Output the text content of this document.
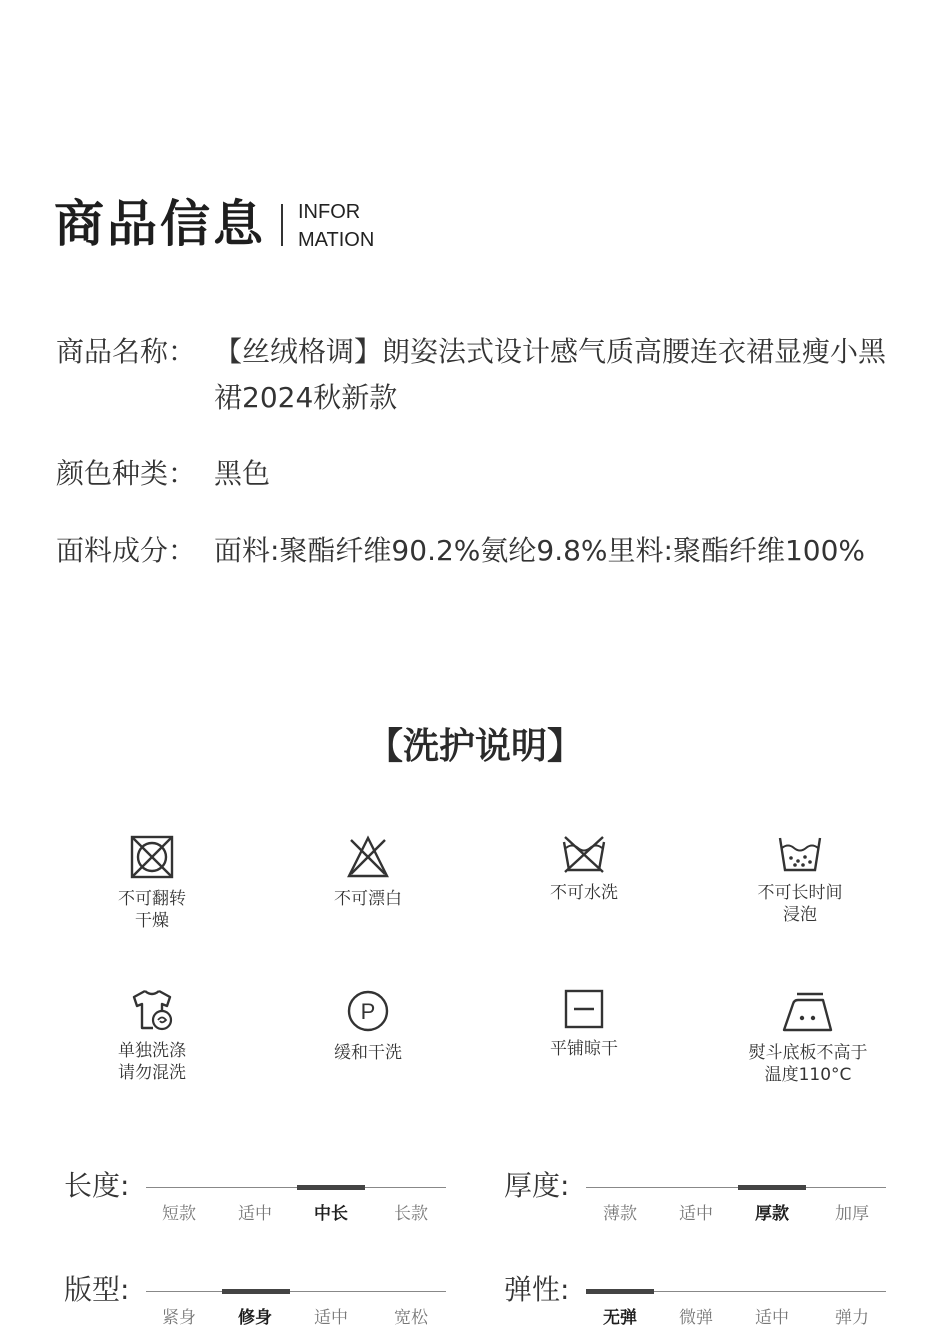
商品信息 INFOR
MATION
商品名称： 【丝绒格调】朗姿法式设计感气质高腰连衣裙显瘦小黑裙2024秋新款
颜色种类： 黑色
面料成分： 面料:聚酯纤维90.2%氨纶9.8%里料:聚酯纤维100%
【洗护说明】
不可翻转
干燥
不可漂白	不可水洗	不可长时间
浸泡
单独洗涤
请勿混洗
P
缓和干洗	平铺晾干	熨斗底板不高于
温度110°C
长度:
短款	适中	中长	长款
厚度:
薄款	适中	厚款	加厚
版型:
紧身	修身	适中	宽松
弹性:
无弹	微弹	适中	弹力
